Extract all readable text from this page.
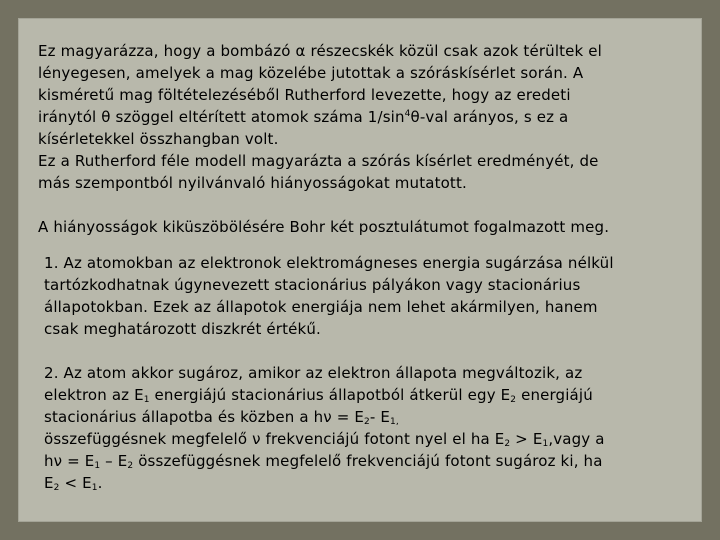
Ez magyarázza, hogy a bombázó α részecskék közül csak azok térültek el
lényegesen, amelyek a mag közelébe jutottak a szóráskísérlet során. A
kisméretű mag föltételezéséből Rutherford levezette, hogy az eredeti
iránytól θ szöggel eltérített atomok száma $1/\sin^4\theta$-val arányos, s ez a
kísérletekkel összhangban volt.
Ez a Rutherford féle modell magyarázta a szórás kísérlet eredményét, de
más szempontból nyilvánvaló hiányosságokat mutatott.
A hiányosságok kiküszöbölésére Bohr két posztulátumot fogalmazott meg.
1. Az atomokban az elektronok elektromágneses energia sugárzása nélkül
tartózkodhatnak úgynevezett stacionárius pályákon vagy stacionárius
állapotokban. Ezek az állapotok energiája nem lehet akármilyen, hanem
csak meghatározott diszkrét értékű.
2. Az atom akkor sugároz, amikor az elektron állapota megváltozik, az
elektron az $E_1$ energiájú stacionárius állapotból átkerül egy $E_2$ energiájú
stacionárius állapotba és közben a $h\nu = E_2-$ $E_{1,}$
összefüggésnek megfelelő ν frekvenciájú fotont nyel el ha $E_2$ > $E_1,vagy$ a
$h\nu = E_1 - E_2$ összefüggésnek megfelelő frekvenciájú fotont sugároz ki, ha
$E_2 < E_1$.
